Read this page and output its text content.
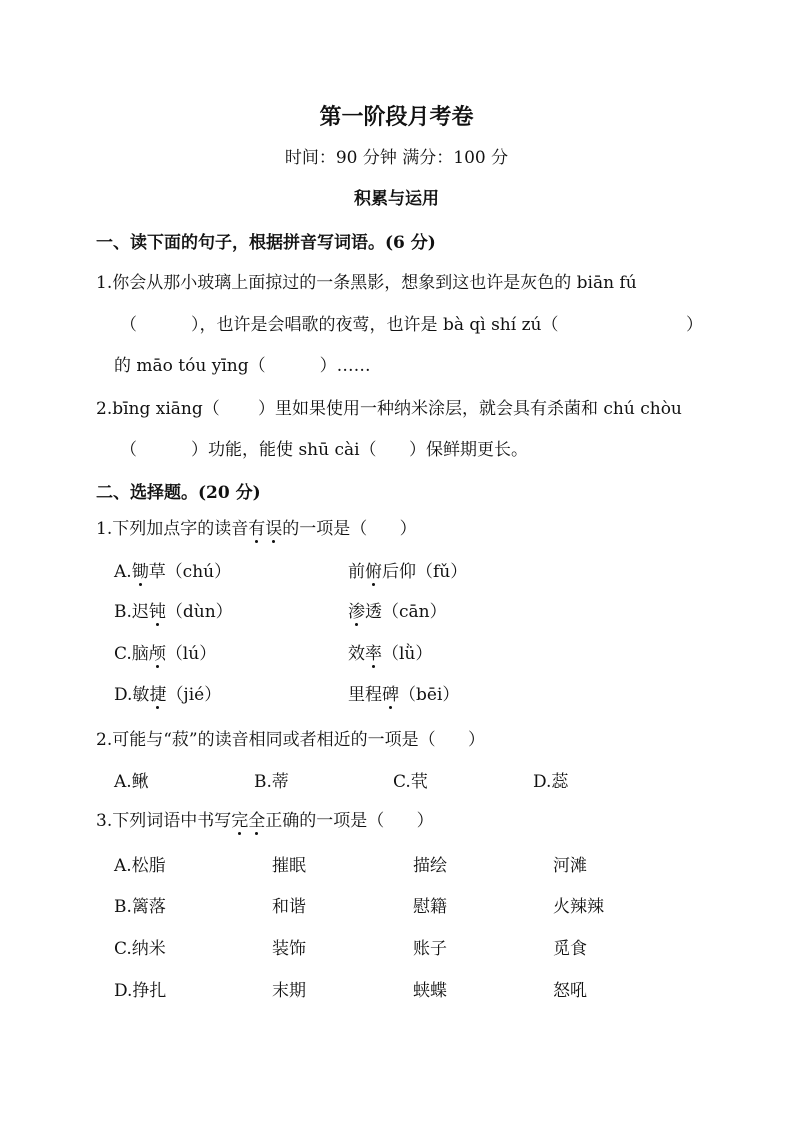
第一阶段月考卷
时间：90 分钟 满分：100 分
积累与运用
一、读下面的句子，根据拼音写词语。(6 分)
1.你会从那小玻璃上面掠过的一条黑影，想象到这也许是灰色的 biān fú
（          ），也许是会唱歌的夜莺，也许是 bà qì shí zú（	）
的 māo tóu yīng（          ）……
2.bīng xiāng（ ）里如果使用一种纳米涂层，就会具有杀菌和 chú chòu
（          ）功能，能使 shū cài（      ）保鲜期更长。
二、选择题。(20 分)
1.下列加点字的读音有误的一项是（      ）
A.锄草（chú）	前俯后仰（fǔ）
B.迟钝（dùn）	渗透（cān）
C.脑颅（lú）	效率（lǜ）
D.敏捷（jié）	里程碑（bēi）
2.可能与“菽”的读音相同或者相近的一项是（      ）
A.鳅	B.蒂	C.茕	D.蕊
3.下列词语中书写完全正确的一项是（      ）
A.松脂	摧眠	描绘	河滩
B.篱落	和谐	慰籍	火辣辣
C.纳米	装饰	账子	觅食
D.挣扎	末期	蛱蝶	怒吼
